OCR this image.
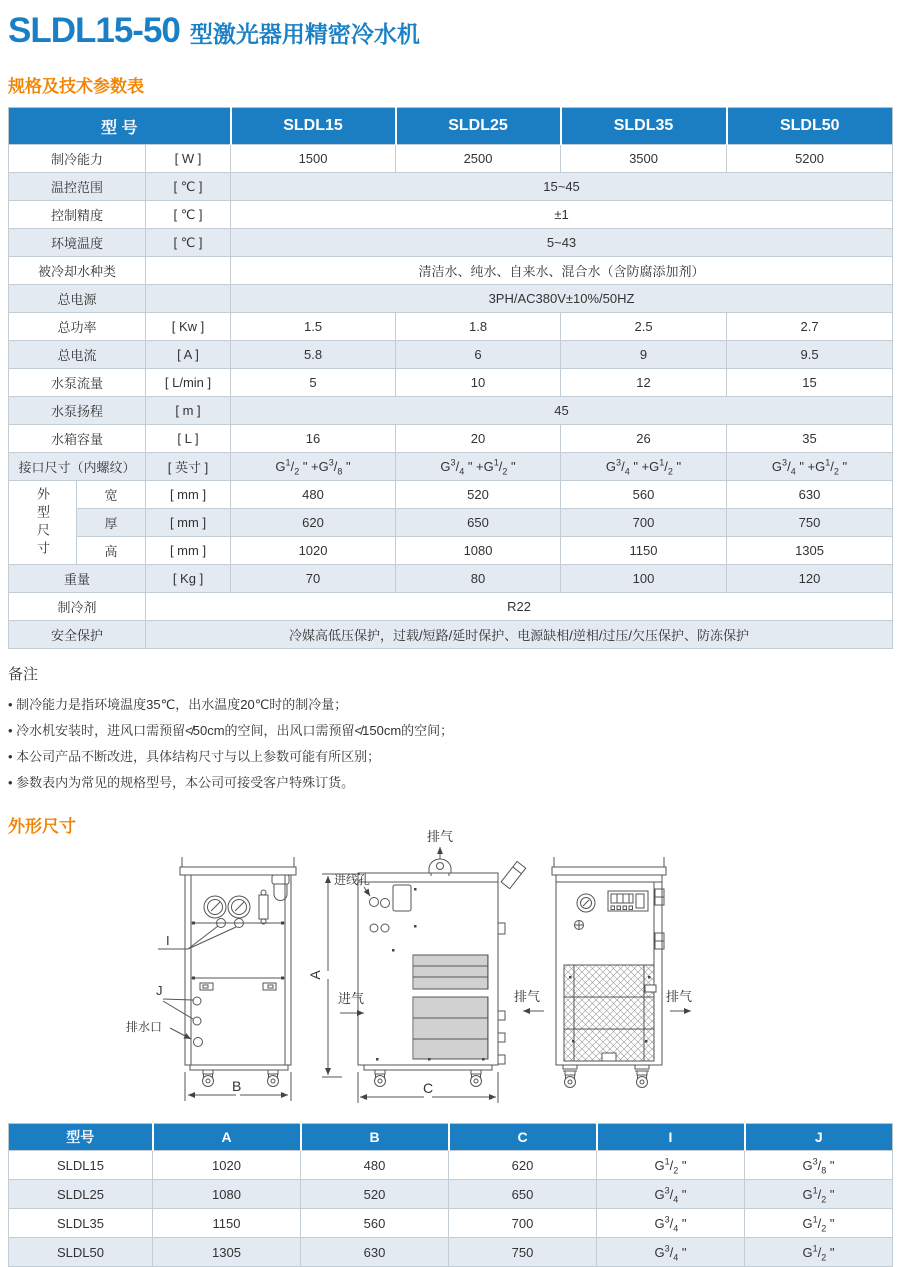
SLDL15-50 型激光器用精密冷水机
规格及技术参数表
型 号			SLDL15	SLDL25	SLDL35	SLDL50
制冷能力		[ W ]	1500	2500	3500	5200
温控范围		[ ℃ ]	15~45			
控制精度		[ ℃ ]	±1			
环境温度		[ ℃ ]	5~43			
被冷却水种类			清洁水、纯水、自来水、混合水（含防腐添加剂）			
总电源			3PH/AC380V±10%/50HZ			
总功率		[ Kw ]	1.5	1.8	2.5	2.7
总电流		[ A ]	5.8	6	9	9.5
水泵流量		[ L/min ]	5	10	12	15
水泵扬程		[ m ]	45			
水箱容量		[ L ]	16	20	26	35
接口尺寸（内螺纹）		[ 英寸 ]	$G^1/_2$ " $+G^3/_8$ "	$G^3/_4$ " $+G^1/_2$ "	$G^3/_4$ " $+G^1/_2$ "	$G^3/_4$ " $+G^1/_2$ "
外型尺寸	宽	[ mm ]	480	520	560	630
	厚	[ mm ]	620	650	700	750
	高	[ mm ]	1020	1080	1150	1305
重量		[ Kg ]	70	80	100	120
制冷剂		R22				
安全保护		冷媒高低压保护，过载/短路/延时保护、电源缺相/逆相/过压/欠压保护、防冻保护				
备注
• 制冷能力是指环境温度35℃，出水温度20℃时的制冷量；
• 冷水机安装时，进风口需预留≮50cm的空间，出风口需预留≮150cm的空间；
• 本公司产品不断改进，具体结构尺寸与以上参数可能有所区别；
• 参数表内为常见的规格型号，本公司可接受客户特殊订货。
外形尺寸
排气
进线孔
进气
排水口
排气	排气
A
B	C
I
J
型号	A	B	C	I	J
SLDL15	1020	480	620	$G^1/_2$ "	$G^3/_8$ "
SLDL25	1080	520	650	$G^3/_4$ "	$G^1/_2$ "
SLDL35	1150	560	700	$G^3/_4$ "	$G^1/_2$ "
SLDL50	1305	630	750	$G^3/_4$ "	$G^1/_2$ "
